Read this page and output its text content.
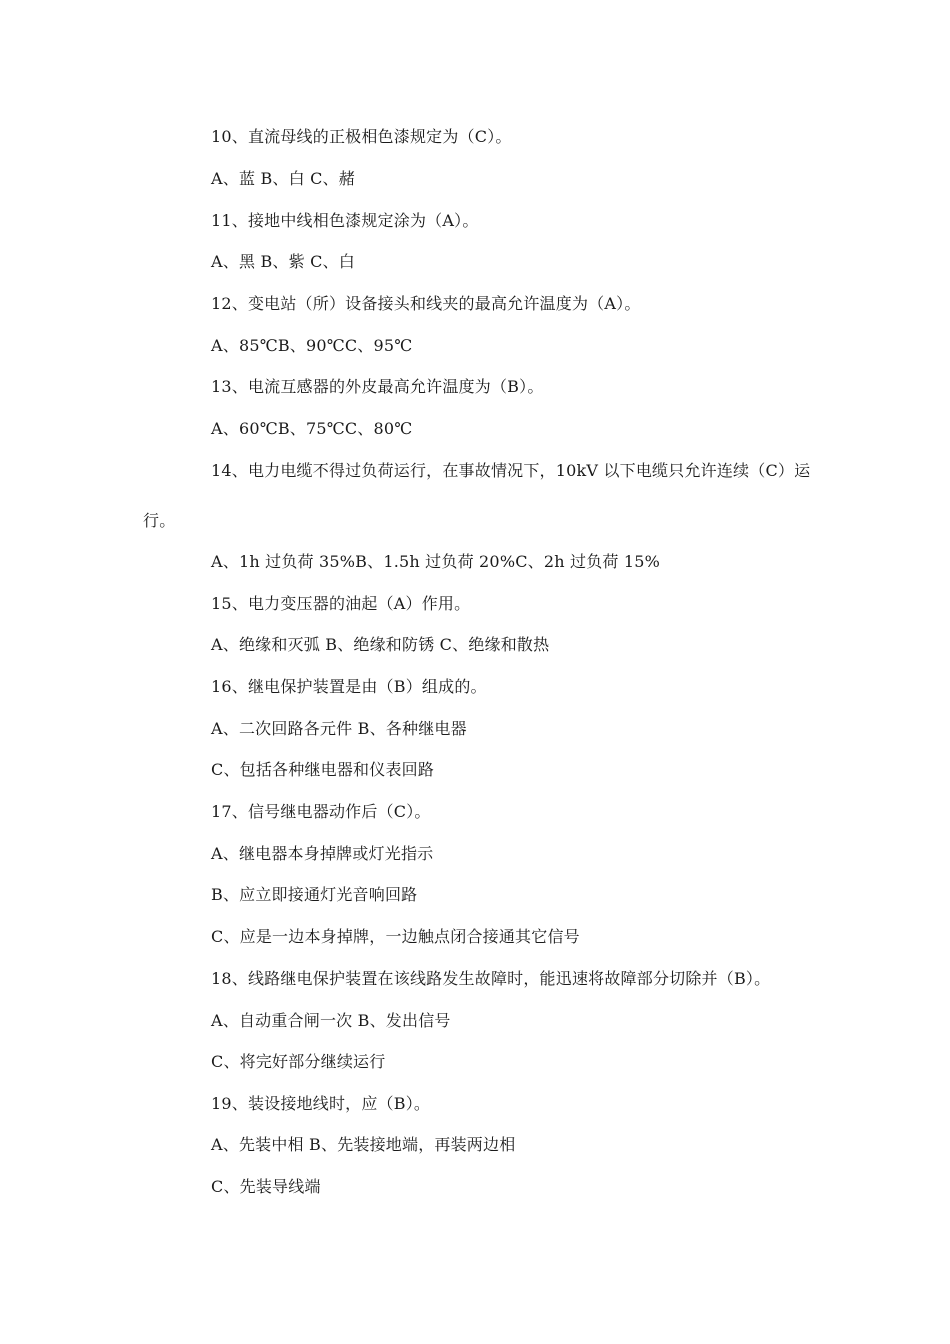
10、直流母线的正极相色漆规定为（C）。
A、蓝 B、白 C、赭
11、接地中线相色漆规定涂为（A）。
A、黑 B、紫 C、白
12、变电站（所）设备接头和线夹的最高允许温度为（A）。
A、85℃B、90℃C、95℃
13、电流互感器的外皮最高允许温度为（B）。
A、60℃B、75℃C、80℃
14、电力电缆不得过负荷运行，在事故情况下，10kV 以下电缆只允许连续（C）运
行。
A、1h 过负荷 35%B、1.5h 过负荷 20%C、2h 过负荷 15%
15、电力变压器的油起（A）作用。
A、绝缘和灭弧 B、绝缘和防锈 C、绝缘和散热
16、继电保护装置是由（B）组成的。
A、二次回路各元件 B、各种继电器
C、包括各种继电器和仪表回路
17、信号继电器动作后（C）。
A、继电器本身掉牌或灯光指示
B、应立即接通灯光音响回路
C、应是一边本身掉牌，一边触点闭合接通其它信号
18、线路继电保护装置在该线路发生故障时，能迅速将故障部分切除并（B）。
A、自动重合闸一次 B、发出信号
C、将完好部分继续运行
19、装设接地线时，应（B）。
A、先装中相 B、先装接地端，再装两边相
C、先装导线端
